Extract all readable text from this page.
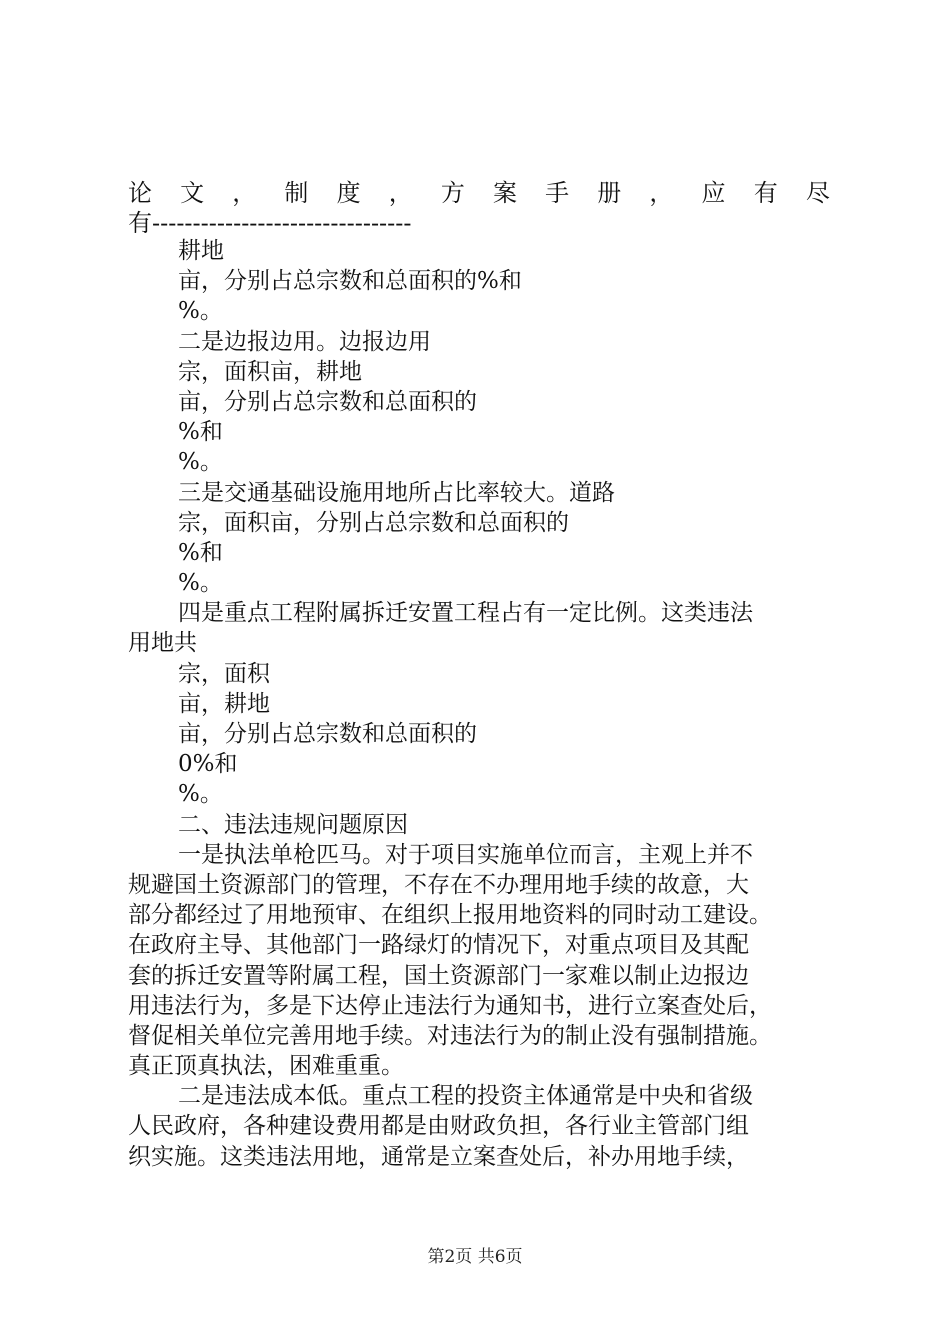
论 文 ， 制 度 ， 方 案 手 册 ， 应 有 尽
有--------------------------------
耕地
亩，分别占总宗数和总面积的%和
%。
二是边报边用。边报边用
宗，面积亩，耕地
亩，分别占总宗数和总面积的
%和
%。
三是交通基础设施用地所占比率较大。道路
宗，面积亩，分别占总宗数和总面积的
%和
%。
四是重点工程附属拆迁安置工程占有一定比例。这类违法
用地共
宗，面积
亩，耕地
亩，分别占总宗数和总面积的
0%和
%。
二、违法违规问题原因
一是执法单枪匹马。对于项目实施单位而言，主观上并不
规避国土资源部门的管理，不存在不办理用地手续的故意，大
部分都经过了用地预审、在组织上报用地资料的同时动工建设。
在政府主导、其他部门一路绿灯的情况下，对重点项目及其配
套的拆迁安置等附属工程，国土资源部门一家难以制止边报边
用违法行为，多是下达停止违法行为通知书，进行立案查处后，
督促相关单位完善用地手续。对违法行为的制止没有强制措施。
真正顶真执法，困难重重。
二是违法成本低。重点工程的投资主体通常是中央和省级
人民政府，各种建设费用都是由财政负担，各行业主管部门组
织实施。这类违法用地，通常是立案查处后，补办用地手续，
第2页 共6页
